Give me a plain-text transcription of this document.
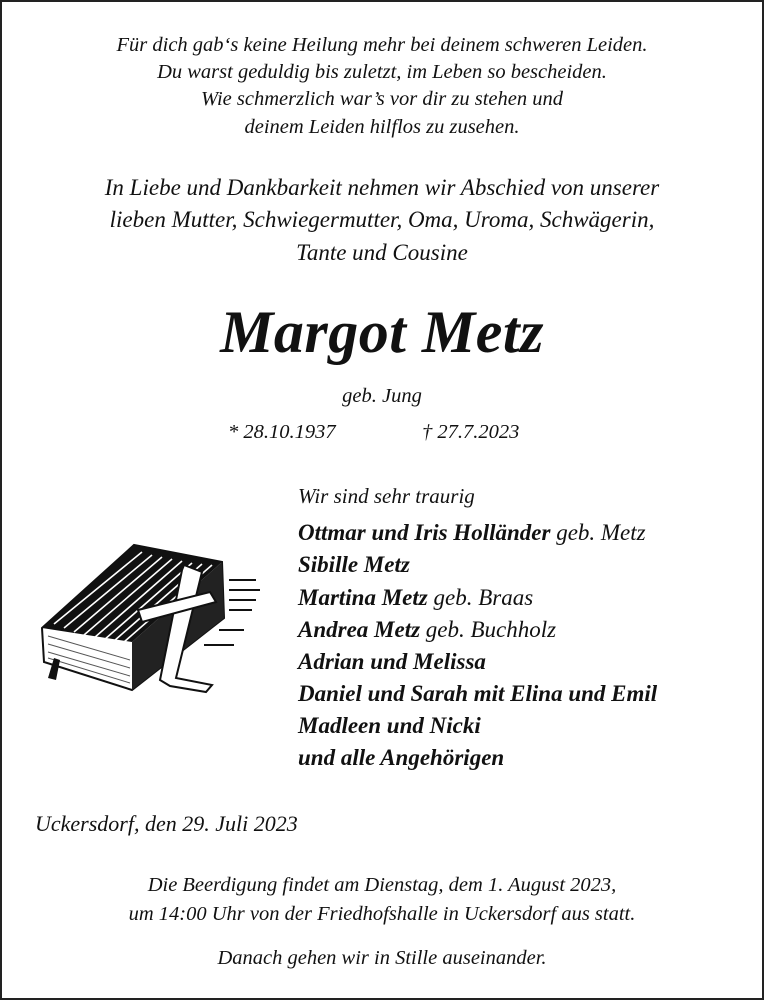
Für dich gab‘s keine Heilung mehr bei deinem schweren Leiden.
Du warst geduldig bis zuletzt, im Leben so bescheiden.
Wie schmerzlich war’s vor dir zu stehen und
deinem Leiden hilflos zu zusehen.
In Liebe und Dankbarkeit nehmen wir Abschied von unserer
lieben Mutter, Schwiegermutter, Oma, Uroma, Schwägerin,
Tante und Cousine
Margot Metz
geb. Jung
* 28.10.1937	† 27.7.2023
Wir sind sehr traurig
Ottmar und Iris Holländer geb. Metz
Sibille Metz
Martina Metz geb. Braas
Andrea Metz geb. Buchholz
Adrian und Melissa
Daniel und Sarah mit Elina und Emil
Madleen und Nicki
und alle Angehörigen
Uckersdorf, den 29. Juli 2023
Die Beerdigung findet am Dienstag, dem 1. August 2023,
um 14:00 Uhr von der Friedhofshalle in Uckersdorf aus statt.
Danach gehen wir in Stille auseinander.
